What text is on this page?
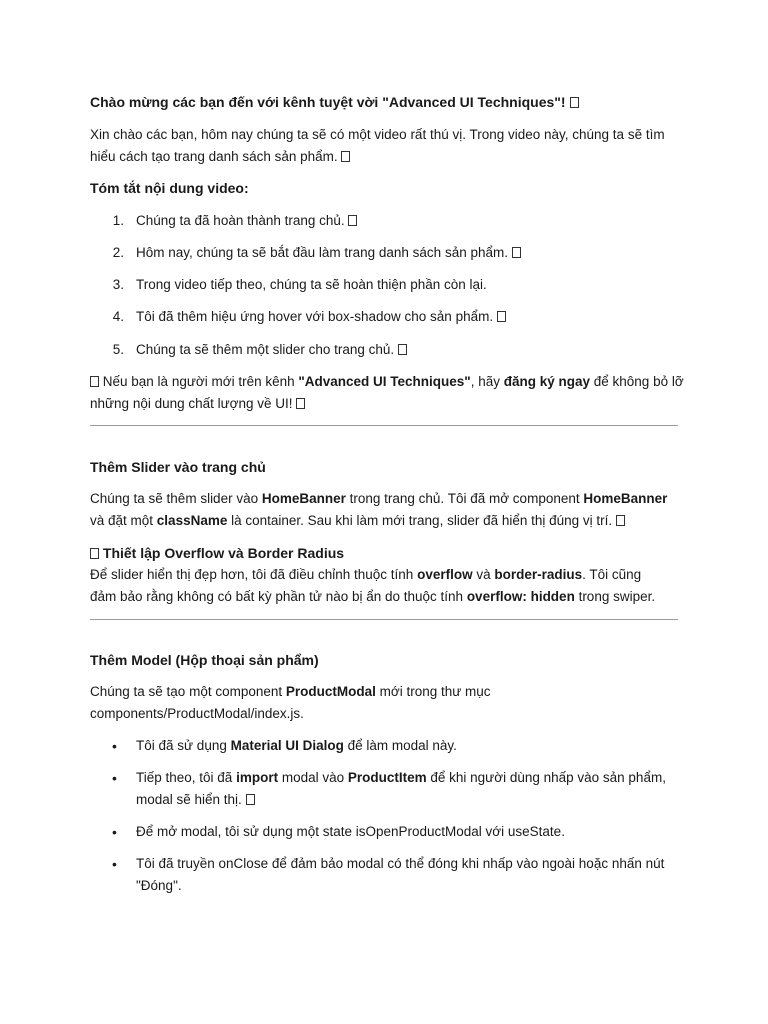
Chào mừng các bạn đến với kênh tuyệt vời "Advanced UI Techniques"!
Xin chào các bạn, hôm nay chúng ta sẽ có một video rất thú vị. Trong video này, chúng ta sẽ tìm
hiểu cách tạo trang danh sách sản phẩm.
Tóm tắt nội dung video:
1. Chúng ta đã hoàn thành trang chủ.
2. Hôm nay, chúng ta sẽ bắt đầu làm trang danh sách sản phẩm.
3. Trong video tiếp theo, chúng ta sẽ hoàn thiện phần còn lại.
4. Tôi đã thêm hiệu ứng hover với box-shadow cho sản phẩm.
5. Chúng ta sẽ thêm một slider cho trang chủ.
Nếu bạn là người mới trên kênh "Advanced UI Techniques", hãy đăng ký ngay để không bỏ lỡ
những nội dung chất lượng về UI!
Thêm Slider vào trang chủ
Chúng ta sẽ thêm slider vào HomeBanner trong trang chủ. Tôi đã mở component HomeBanner
và đặt một className là container. Sau khi làm mới trang, slider đã hiển thị đúng vị trí.
Thiết lập Overflow và Border Radius
Để slider hiển thị đẹp hơn, tôi đã điều chỉnh thuộc tính overflow và border-radius. Tôi cũng
đảm bảo rằng không có bất kỳ phần tử nào bị ẩn do thuộc tính overflow: hidden trong swiper.
Thêm Model (Hộp thoại sản phẩm)
Chúng ta sẽ tạo một component ProductModal mới trong thư mục
components/ProductModal/index.js.
• Tôi đã sử dụng Material UI Dialog để làm modal này.
• Tiếp theo, tôi đã import modal vào ProductItem để khi người dùng nhấp vào sản phẩm,
modal sẽ hiển thị.
• Để mở modal, tôi sử dụng một state isOpenProductModal với useState.
• Tôi đã truyền onClose để đảm bảo modal có thể đóng khi nhấp vào ngoài hoặc nhấn nút
"Đóng".
